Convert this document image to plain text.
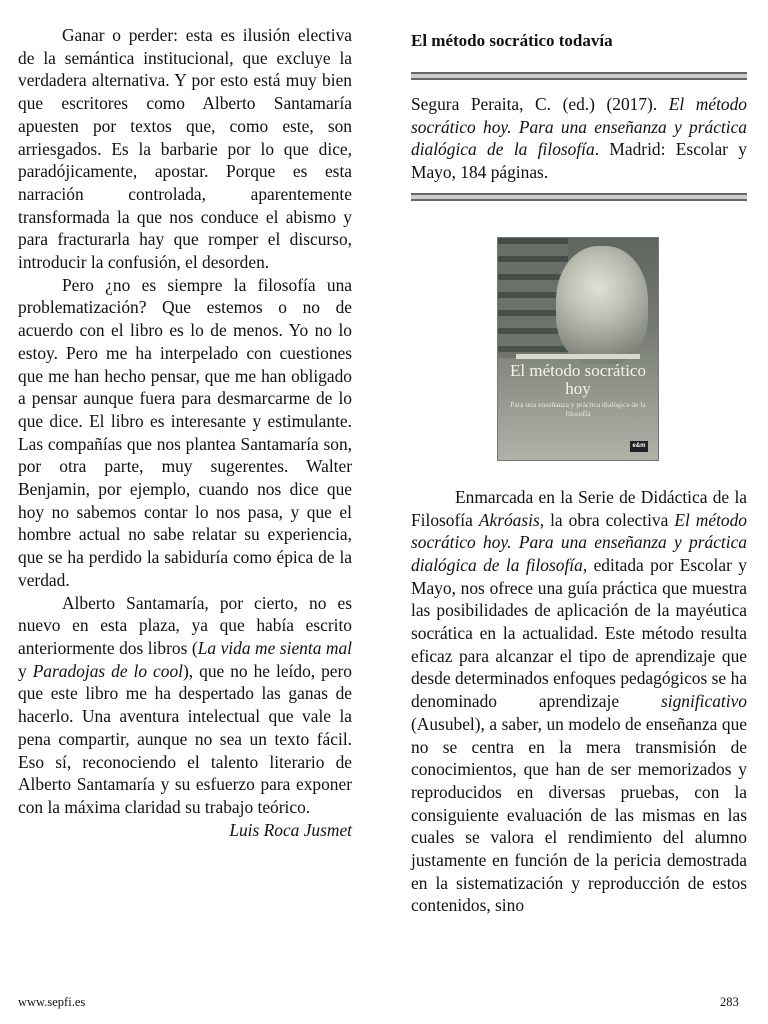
Ganar o perder: esta es ilusión electiva de la semántica institucional, que excluye la verdadera alternativa. Y por esto está muy bien que escritores como Alberto Santamaría apuesten por textos que, como este, son arriesgados. Es la barbarie por lo que dice, paradójicamente, apostar. Porque es esta narración controlada, aparentemente transformada la que nos conduce el abismo y para fracturarla hay que romper el discurso, introducir la confusión, el desorden.

Pero ¿no es siempre la filosofía una problematización? Que estemos o no de acuerdo con el libro es lo de menos. Yo no lo estoy. Pero me ha interpelado con cuestiones que me han hecho pensar, que me han obligado a pensar aunque fuera para desmarcarme de lo que dice. El libro es interesante y estimulante. Las compañías que nos plantea Santamaría son, por otra parte, muy sugerentes. Walter Benjamin, por ejemplo, cuando nos dice que hoy no sabemos contar lo nos pasa, y que el hombre actual no sabe relatar su experiencia, que se ha perdido la sabiduría como épica de la verdad.

Alberto Santamaría, por cierto, no es nuevo en esta plaza, ya que había escrito anteriormente dos libros (La vida me sienta mal y Paradojas de lo cool), que no he leído, pero que este libro me ha despertado las ganas de hacerlo. Una aventura intelectual que vale la pena compartir, aunque no sea un texto fácil. Eso sí, reconociendo el talento literario de Alberto Santamaría y su esfuerzo para exponer con la máxima claridad su trabajo teórico.

Luis Roca Jusmet

El método socrático todavía

Segura Peraita, C. (ed.) (2017). El método socrático hoy. Para una enseñanza y práctica dialógica de la filosofía. Madrid: Escolar y Mayo, 184 páginas.

El método socrático hoy
Para una enseñanza y práctica dialógica de la filosofía
e&m

Enmarcada en la Serie de Didáctica de la Filosofía Akróasis, la obra colectiva El método socrático hoy. Para una enseñanza y práctica dialógica de la filosofía, editada por Escolar y Mayo, nos ofrece una guía práctica que muestra las posibilidades de aplicación de la mayéutica socrática en la actualidad. Este método resulta eficaz para alcanzar el tipo de aprendizaje que desde determinados enfoques pedagógicos se ha denominado aprendizaje significativo (Ausubel), a saber, un modelo de enseñanza que no se centra en la mera transmisión de conocimientos, que han de ser memorizados y reproducidos en diversas pruebas, con la consiguiente evaluación de las mismas en las cuales se valora el rendimiento del alumno justamente en función de la pericia demostrada en la sistematización y reproducción de estos contenidos, sino

www.sepfi.es	283
